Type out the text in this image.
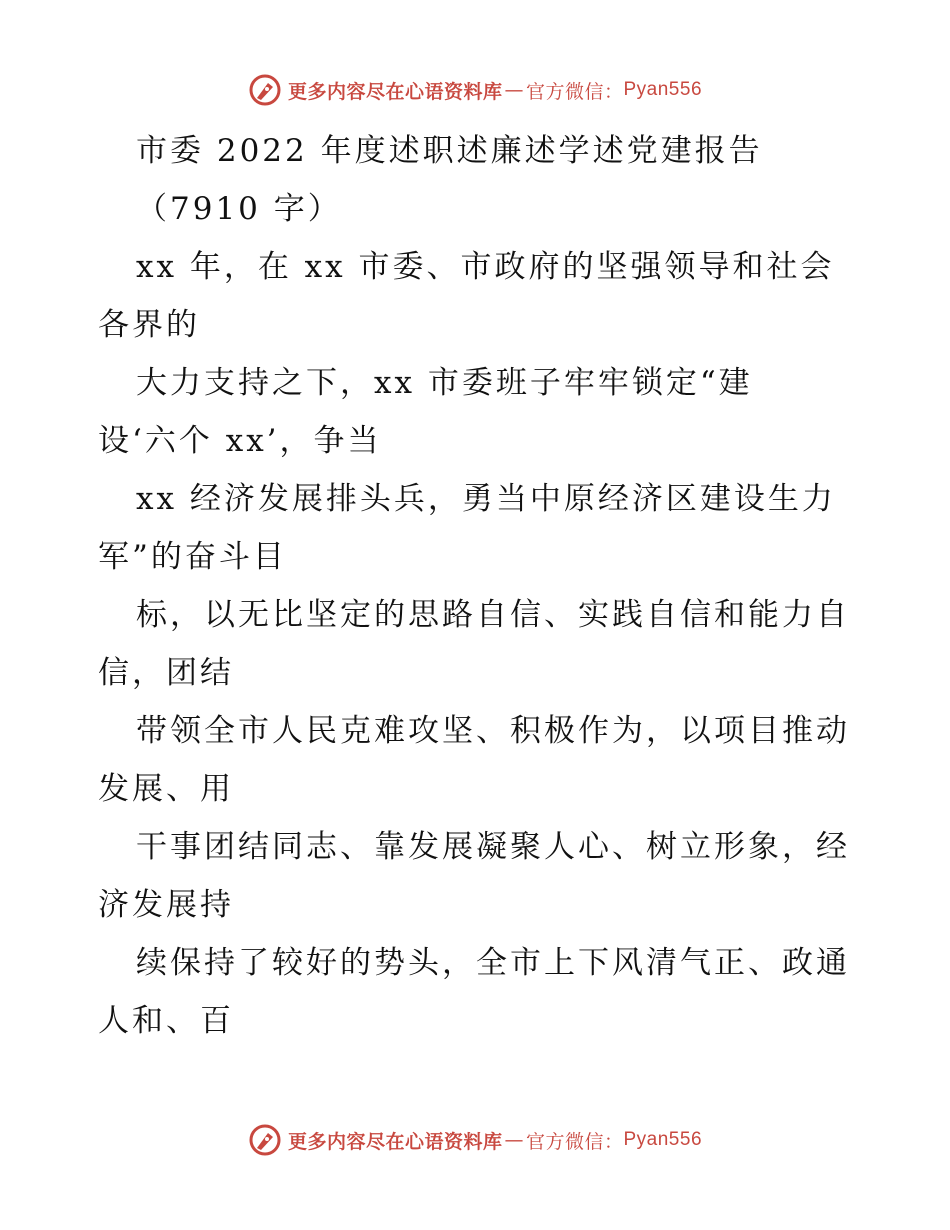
更多内容尽在心语资料库 — 官方微信： Pyan556
市委 2022 年度述职述廉述学述党建报告
（7910 字）
xx 年，在 xx 市委、市政府的坚强领导和社会
各界的
大力支持之下，xx 市委班子牢牢锁定“建
设‘六个 xx’，争当
xx 经济发展排头兵，勇当中原经济区建设生力
军”的奋斗目
标，以无比坚定的思路自信、实践自信和能力自
信，团结
带领全市人民克难攻坚、积极作为，以项目推动
发展、用
干事团结同志、靠发展凝聚人心、树立形象，经
济发展持
续保持了较好的势头，全市上下风清气正、政通
人和、百
更多内容尽在心语资料库 — 官方微信： Pyan556
